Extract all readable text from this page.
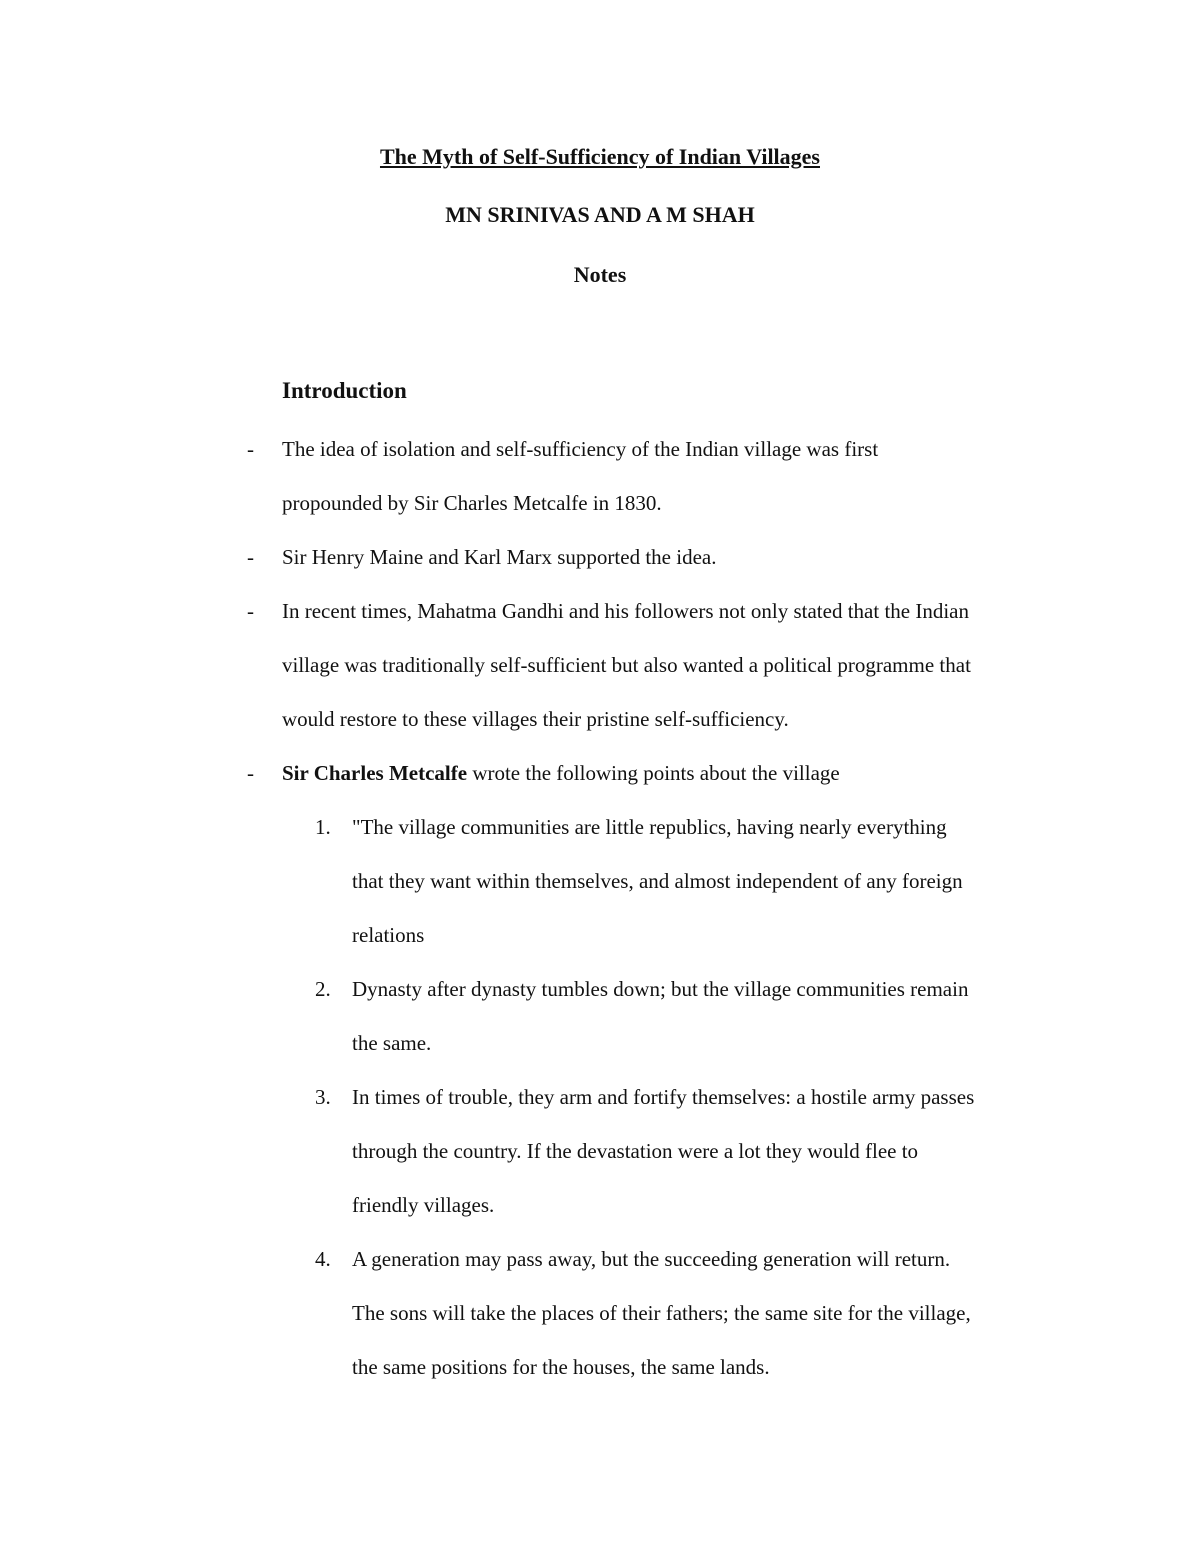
The Myth of Self-Sufficiency of Indian Villages
MN SRINIVAS AND A M SHAH
Notes
Introduction
- The idea of isolation and self-sufficiency of the Indian village was first
propounded by Sir Charles Metcalfe in 1830.
- Sir Henry Maine and Karl Marx supported the idea.
- In recent times, Mahatma Gandhi and his followers not only stated that the Indian
village was traditionally self-sufficient but also wanted a political programme that
would restore to these villages their pristine self-sufficiency.
- Sir Charles Metcalfe wrote the following points about the village
1. "The village communities are little republics, having nearly everything
that they want within themselves, and almost independent of any foreign
relations
2. Dynasty after dynasty tumbles down; but the village communities remain
the same.
3. In times of trouble, they arm and fortify themselves: a hostile army passes
through the country. If the devastation were a lot they would flee to
friendly villages.
4. A generation may pass away, but the succeeding generation will return.
The sons will take the places of their fathers; the same site for the village,
the same positions for the houses, the same lands.
